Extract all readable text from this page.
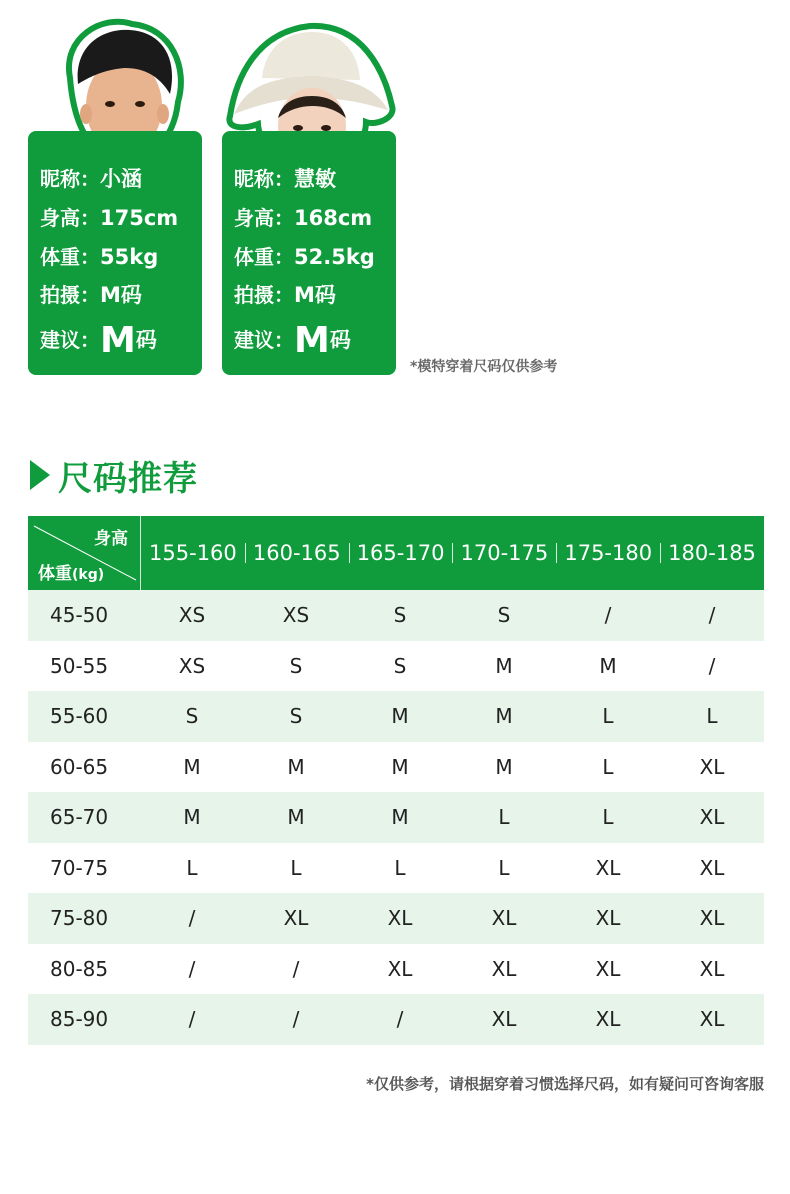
昵称：小涵
身高：175cm
体重：55kg
拍摄：M码
建议：M码
昵称：慧敏
身高：168cm
体重：52.5kg
拍摄：M码
建议：M码
*模特穿着尺码仅供参考
尺码推荐
身高
体重(kg)
155-160 160-165 165-170 170-175 175-180 180-185
45-50	XS	XS	S	S	/	/
50-55	XS	S	S	M	M	/
55-60	S	S	M	M	L	L
60-65	M	M	M	M	L	XL
65-70	M	M	M	L	L	XL
70-75	L	L	L	L	XL	XL
75-80	/	XL	XL	XL	XL	XL
80-85	/	/	XL	XL	XL	XL
85-90	/	/	/	XL	XL	XL
*仅供参考，请根据穿着习惯选择尺码，如有疑问可咨询客服
